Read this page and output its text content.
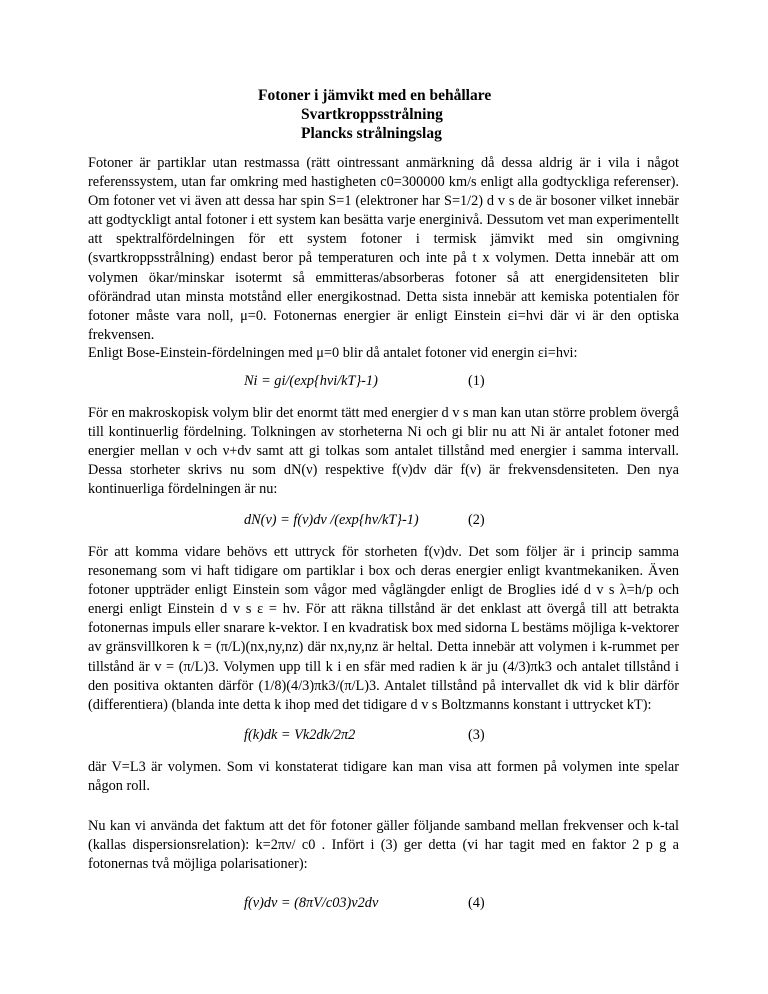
Fotoner i jämvikt med en behållare
Svartkroppsstrålning
Plancks strålningslag
Fotoner är partiklar utan restmassa (rätt ointressant anmärkning då dessa aldrig är i vila i något referenssystem, utan far omkring med hastigheten c0=300000 km/s enligt alla godtyckliga referenser). Om fotoner vet vi även att dessa har spin S=1 (elektroner har S=1/2) d v s de är bosoner vilket innebär att godtyckligt antal fotoner i ett system kan besätta varje energinivå. Dessutom vet man experimentellt att spektralfördelningen för ett system fotoner i termisk jämvikt med sin omgivning (svartkroppsstrålning) endast beror på temperaturen och inte på t x volymen. Detta innebär att om volymen ökar/minskar isotermt så emmitteras/absorberas fotoner så att energidensiteten blir oförändrad utan minsta motstånd eller energikostnad. Detta sista innebär att kemiska potentialen för fotoner måste vara noll, μ=0. Fotonernas energier är enligt Einstein εi=hνi där νi är den optiska frekvensen.
Enligt Bose-Einstein-fördelningen med μ=0 blir då antalet fotoner vid energin εi=hνi:
Ni = gi/(exp{hνi/kT}-1)	(1)
För en makroskopisk volym blir det enormt tätt med energier d v s man kan utan större problem övergå till kontinuerlig fördelning. Tolkningen av storheterna Ni och gi blir nu att Ni är antalet fotoner med energier mellan ν och ν+dν samt att gi tolkas som antalet tillstånd med energier i samma intervall. Dessa storheter skrivs nu som dN(ν) respektive f(ν)dν där f(ν) är frekvensdensiteten. Den nya kontinuerliga fördelningen är nu:
dN(ν) = f(ν)dν /(exp{hν/kT}-1)	(2)
För att komma vidare behövs ett uttryck för storheten f(ν)dν. Det som följer är i princip samma resonemang som vi haft tidigare om partiklar i box och deras energier enligt kvantmekaniken. Även fotoner uppträder enligt Einstein som vågor med våglängder enligt de Broglies idé d v s λ=h/p och energi enligt Einstein d v s ε = hν. För att räkna tillstånd är det enklast att övergå till att betrakta fotonernas impuls eller snarare k-vektor. I en kvadratisk box med sidorna L bestäms möjliga k-vektorer av gränsvillkoren k = (π/L)(nx,ny,nz) där nx,ny,nz är heltal. Detta innebär att volymen i k-rummet per tillstånd är v = (π/L)3. Volymen upp till k i en sfär med radien k är ju (4/3)πk3 och antalet tillstånd i den positiva oktanten därför (1/8)(4/3)πk3/(π/L)3. Antalet tillstånd på intervallet dk vid k blir därför (differentiera) (blanda inte detta k ihop med det tidigare d v s Boltzmanns konstant i uttrycket kT):
f(k)dk = Vk2dk/2π2	(3)
där V=L3 är volymen. Som vi konstaterat tidigare kan man visa att formen på volymen inte spelar någon roll.
Nu kan vi använda det faktum att det för fotoner gäller följande samband mellan frekvenser och k-tal (kallas dispersionsrelation): k=2πν/ c0 . Infört i (3) ger detta (vi har tagit med en faktor 2 p g a fotonernas två möjliga polarisationer):
f(ν)dν = (8πV/c03)ν2dν	(4)
